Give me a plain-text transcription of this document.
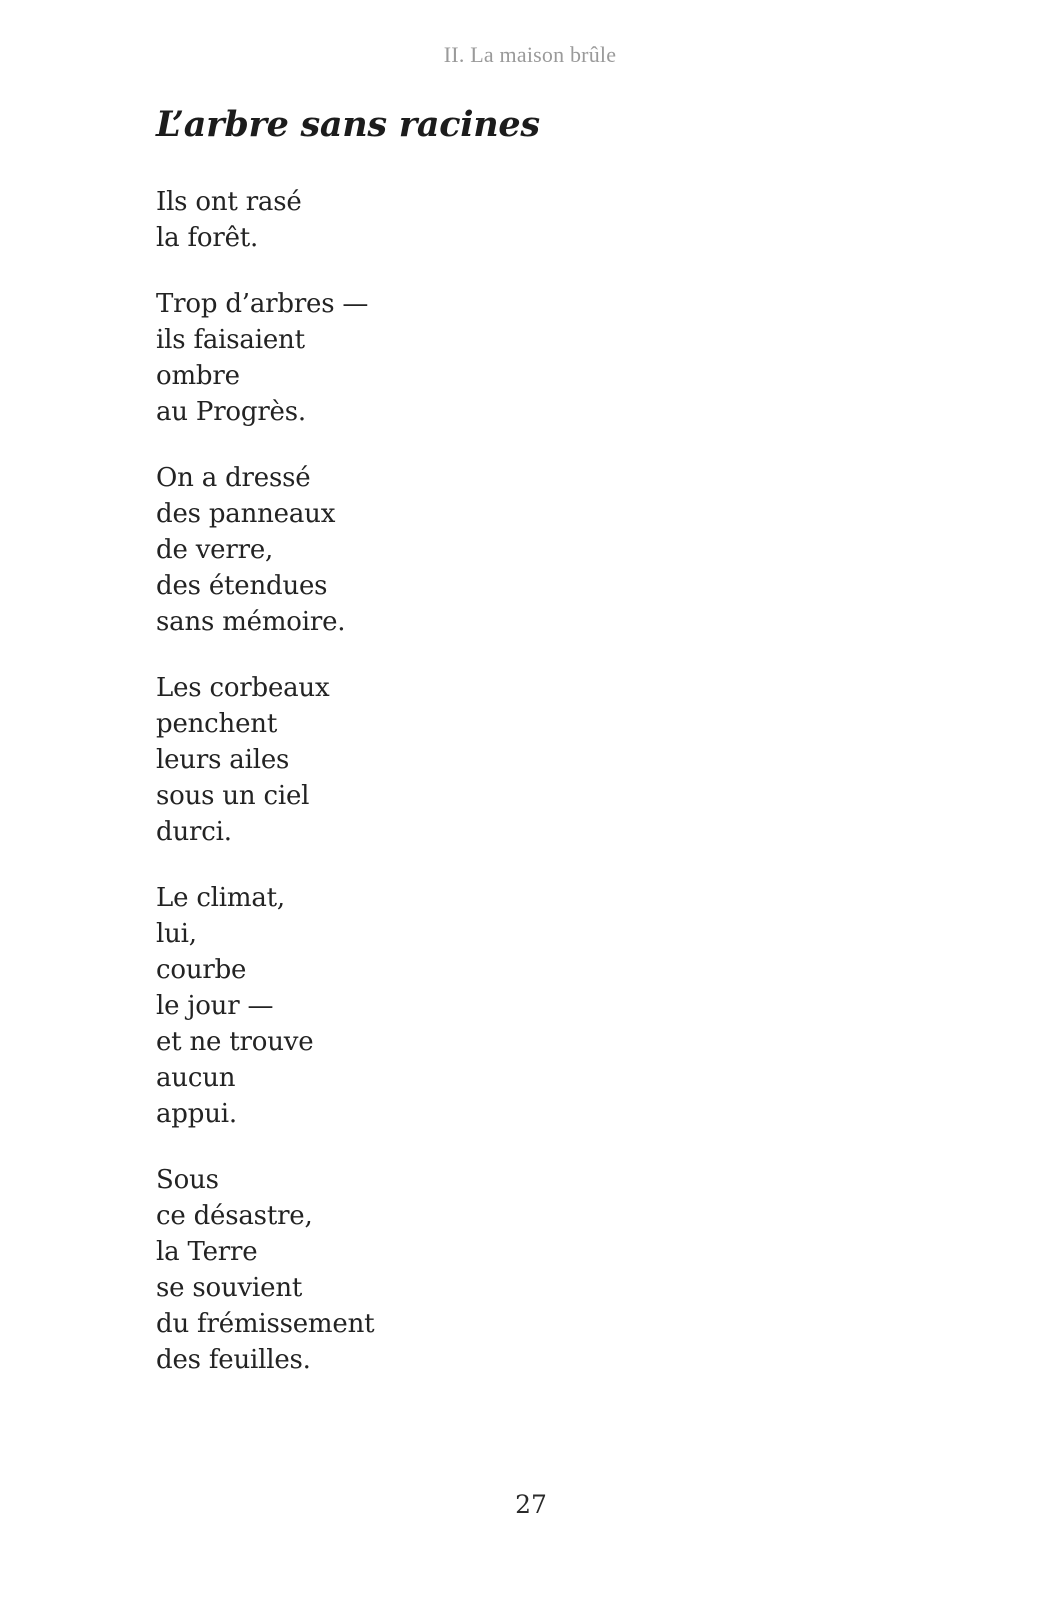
II. La maison brûle
L’arbre sans racines
Ils ont rasé
la forêt.
Trop d’arbres —
ils faisaient
ombre
au Progrès.
On a dressé
des panneaux
de verre,
des étendues
sans mémoire.
Les corbeaux
penchent
leurs ailes
sous un ciel
durci.
Le climat,
lui,
courbe
le jour —
et ne trouve
aucun
appui.
Sous
ce désastre,
la Terre
se souvient
du frémissement
des feuilles.
27
